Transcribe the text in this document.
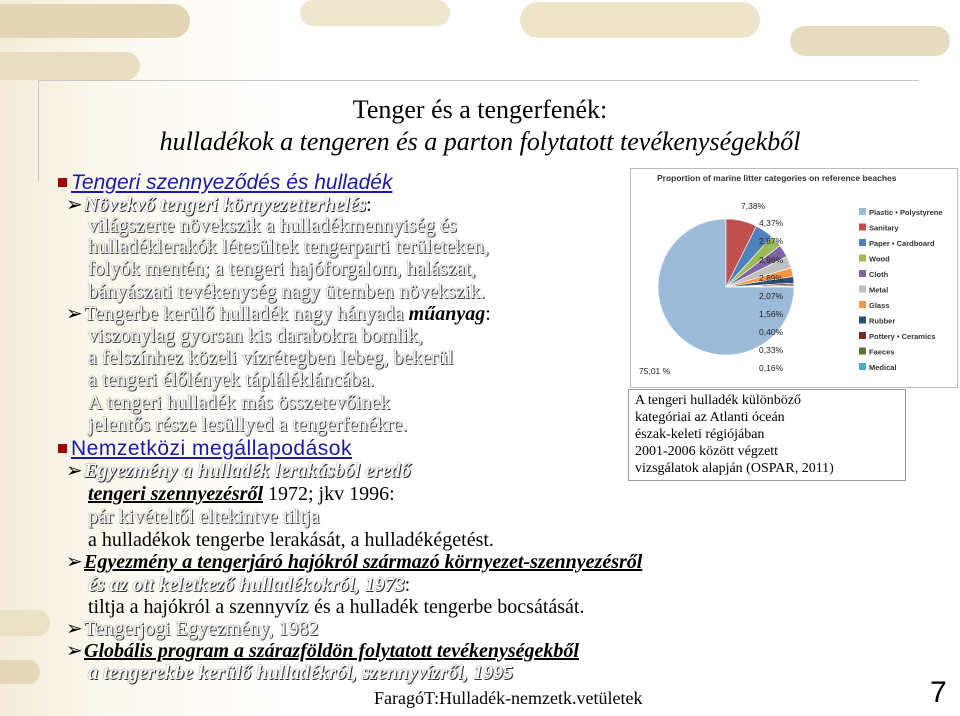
Tenger és a tengerfenék:
hulladékok a tengeren és a parton folytatott tevékenységekből
Tengeri szennyeződés és hulladék
➢Növekvő tengeri környezetterhelés:
világszerte növekszik a hulladékmennyiség és
hulladéklerakók létesültek tengerparti területeken,
folyók mentén; a tengeri hajóforgalom, halászat,
bányászati tevékenység nagy ütemben növekszik.
➢Tengerbe kerülő hulladék nagy hányada műanyag:
viszonylag gyorsan kis darabokra bomlik,
a felszínhez közeli vízrétegben lebeg, bekerül
a tengeri élőlények táplálékláncába.
A tengeri hulladék más összetevőinek
jelentős része lesüllyed a tengerfenékre.
Nemzetközi megállapodások
➢Egyezmény a hulladék lerakásból eredő
tengeri szennyezésről 1972; jkv 1996:
pár kivételtől eltekintve tiltja
a hulladékok tengerbe lerakását, a hulladékégetést.
➢Egyezmény a tengerjáró hajókról származó környezet-szennyezésről
és az ott keletkező hulladékokról, 1973:
tiltja a hajókról a szennyvíz és a hulladék tengerbe bocsátását.
➢Tengerjogi Egyezmény, 1982
➢Globális program a szárazföldön folytatott tevékenységekből
a tengerekbe kerülő hulladékról, szennyvízről, 1995
Proportion of marine litter categories on reference beaches
75,01 %
7,38%
4,37%
2,87%
2,96%
2,89%
2,07%
1,56%
0,40%
0,33%
0,16%
Plastic • Polystyrene
Sanitary
Paper • Cardboard
Wood
Cloth
Metal
Glass
Rubber
Pottery • Ceramics
Faeces
Medical
A tengeri hulladék különböző
kategóriai az Atlanti óceán
észak-keleti régiójában
2001-2006 között végzett
vizsgálatok alapján (OSPAR, 2011)
FaragóT:Hulladék-nemzetk.vetületek	7
